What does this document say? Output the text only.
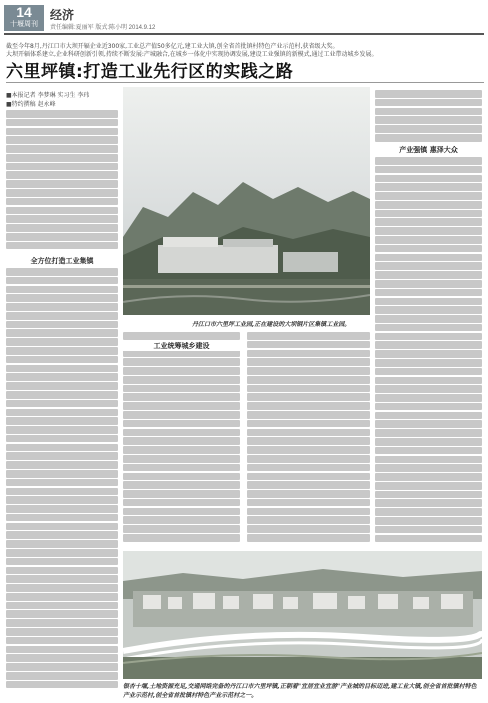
14
十堰周刊
经济
责任编辑:夏丽军 版式:陈小明 2014.9.12
截至今年8月,丹江口市大坝开辐企业近300家,工业总产值50多亿元,建工业大镇,创全省首批镇村特色产业示范村,获省级大奖。
大坝开辐体系建立,企业科研创新引领,持续不断发展:产城融合,在城乡一体化中实现协调发展,建设工业强镇的新模式,通过工业带动城乡发展。
六里坪镇:打造工业先行区的实践之路
■本报记者 李梦琳 实习生 李玮
■特约撰稿 赵永峰
全方位打造工业集镇
丹江口市六里坪工业园,正在建设的大坝钢片区集镇工业园。
工业统筹城乡建设
产业强镇 惠泽大众
银杏十堰,土地资源充足,交通网络完备的丹江口市六里坪镇,正朝着"宜居宜业宜游"产业城的目标迈进,建工业大镇,创全省首批镇村特色产业示范村,创全省首批镇村特色产业示范村之一。
